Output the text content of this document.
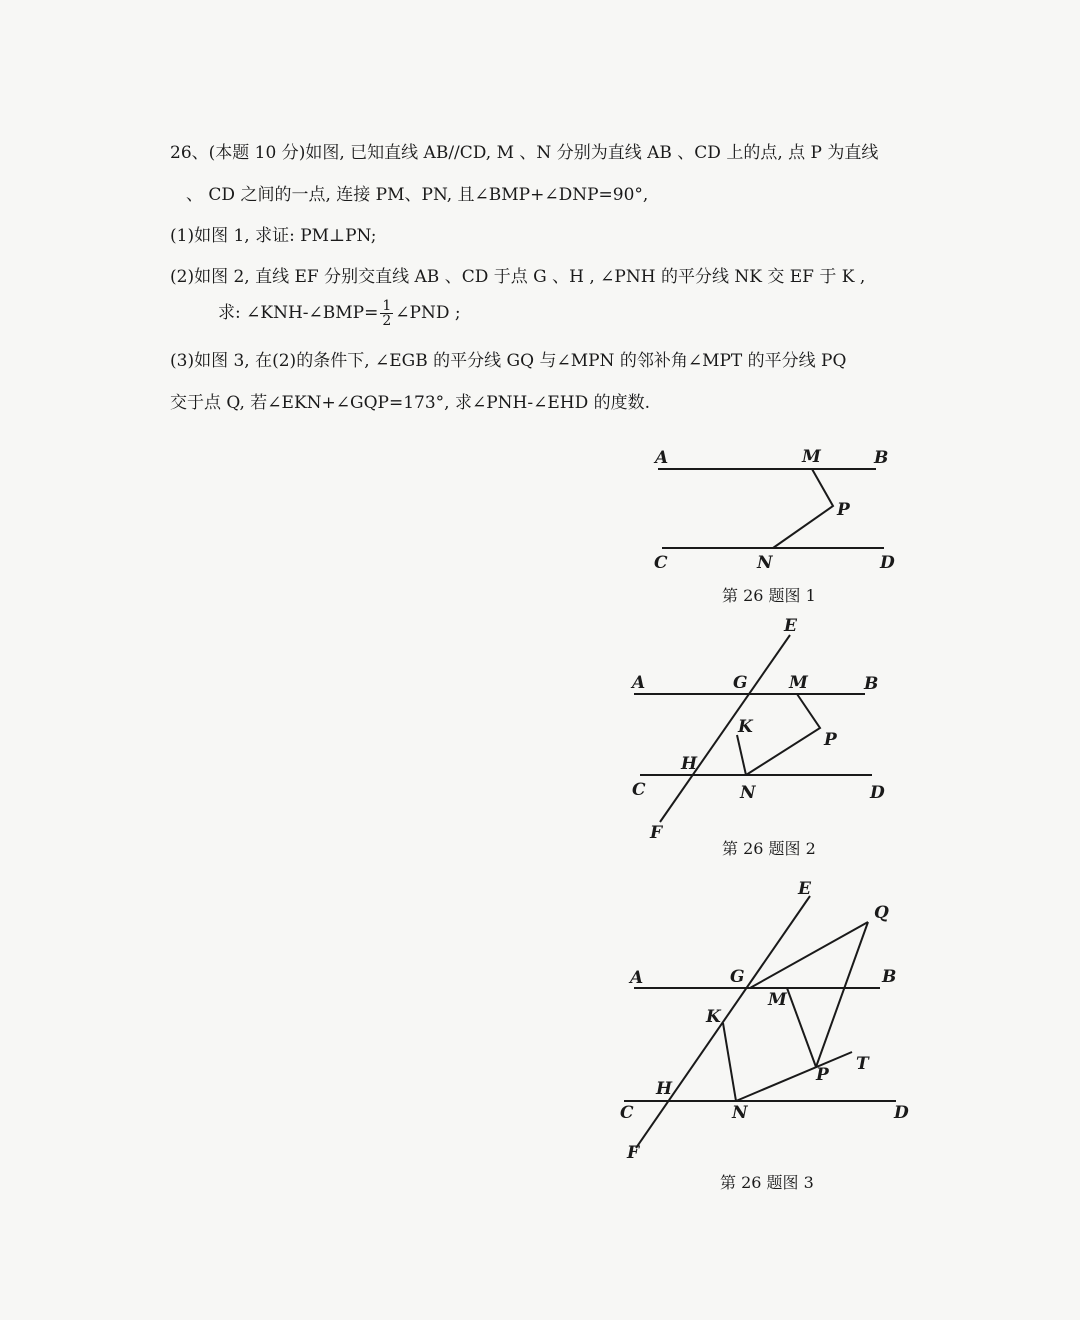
26、(本题 10 分)如图, 已知直线 AB//CD, M 、N 分别为直线 AB 、CD 上的点, 点 P 为直线
、 CD 之间的一点, 连接 PM、PN, 且∠BMP+∠DNP=90°,
(1)如图 1, 求证: PM⊥PN;
(2)如图 2, 直线 EF 分别交直线 AB 、CD 于点 G 、H , ∠PNH 的平分线 NK 交 EF 于 K ,
求: ∠KNH-∠BMP= $\frac{1}{2}$ ∠PND ;
(3)如图 3, 在(2)的条件下, ∠EGB 的平分线 GQ 与∠MPN 的邻补角∠MPT 的平分线 PQ
交于点 Q, 若∠EKN+∠GQP=173°, 求∠PNH-∠EHD 的度数.
A	B
M
P
C	N	D
第 26 题图 1
E
A	G M	B
K
P
H
C	N	D
F
第 26 题图 2
E
Q
A	G	B
M
K
T
P
H
C	N	D
F
第 26 题图 3
